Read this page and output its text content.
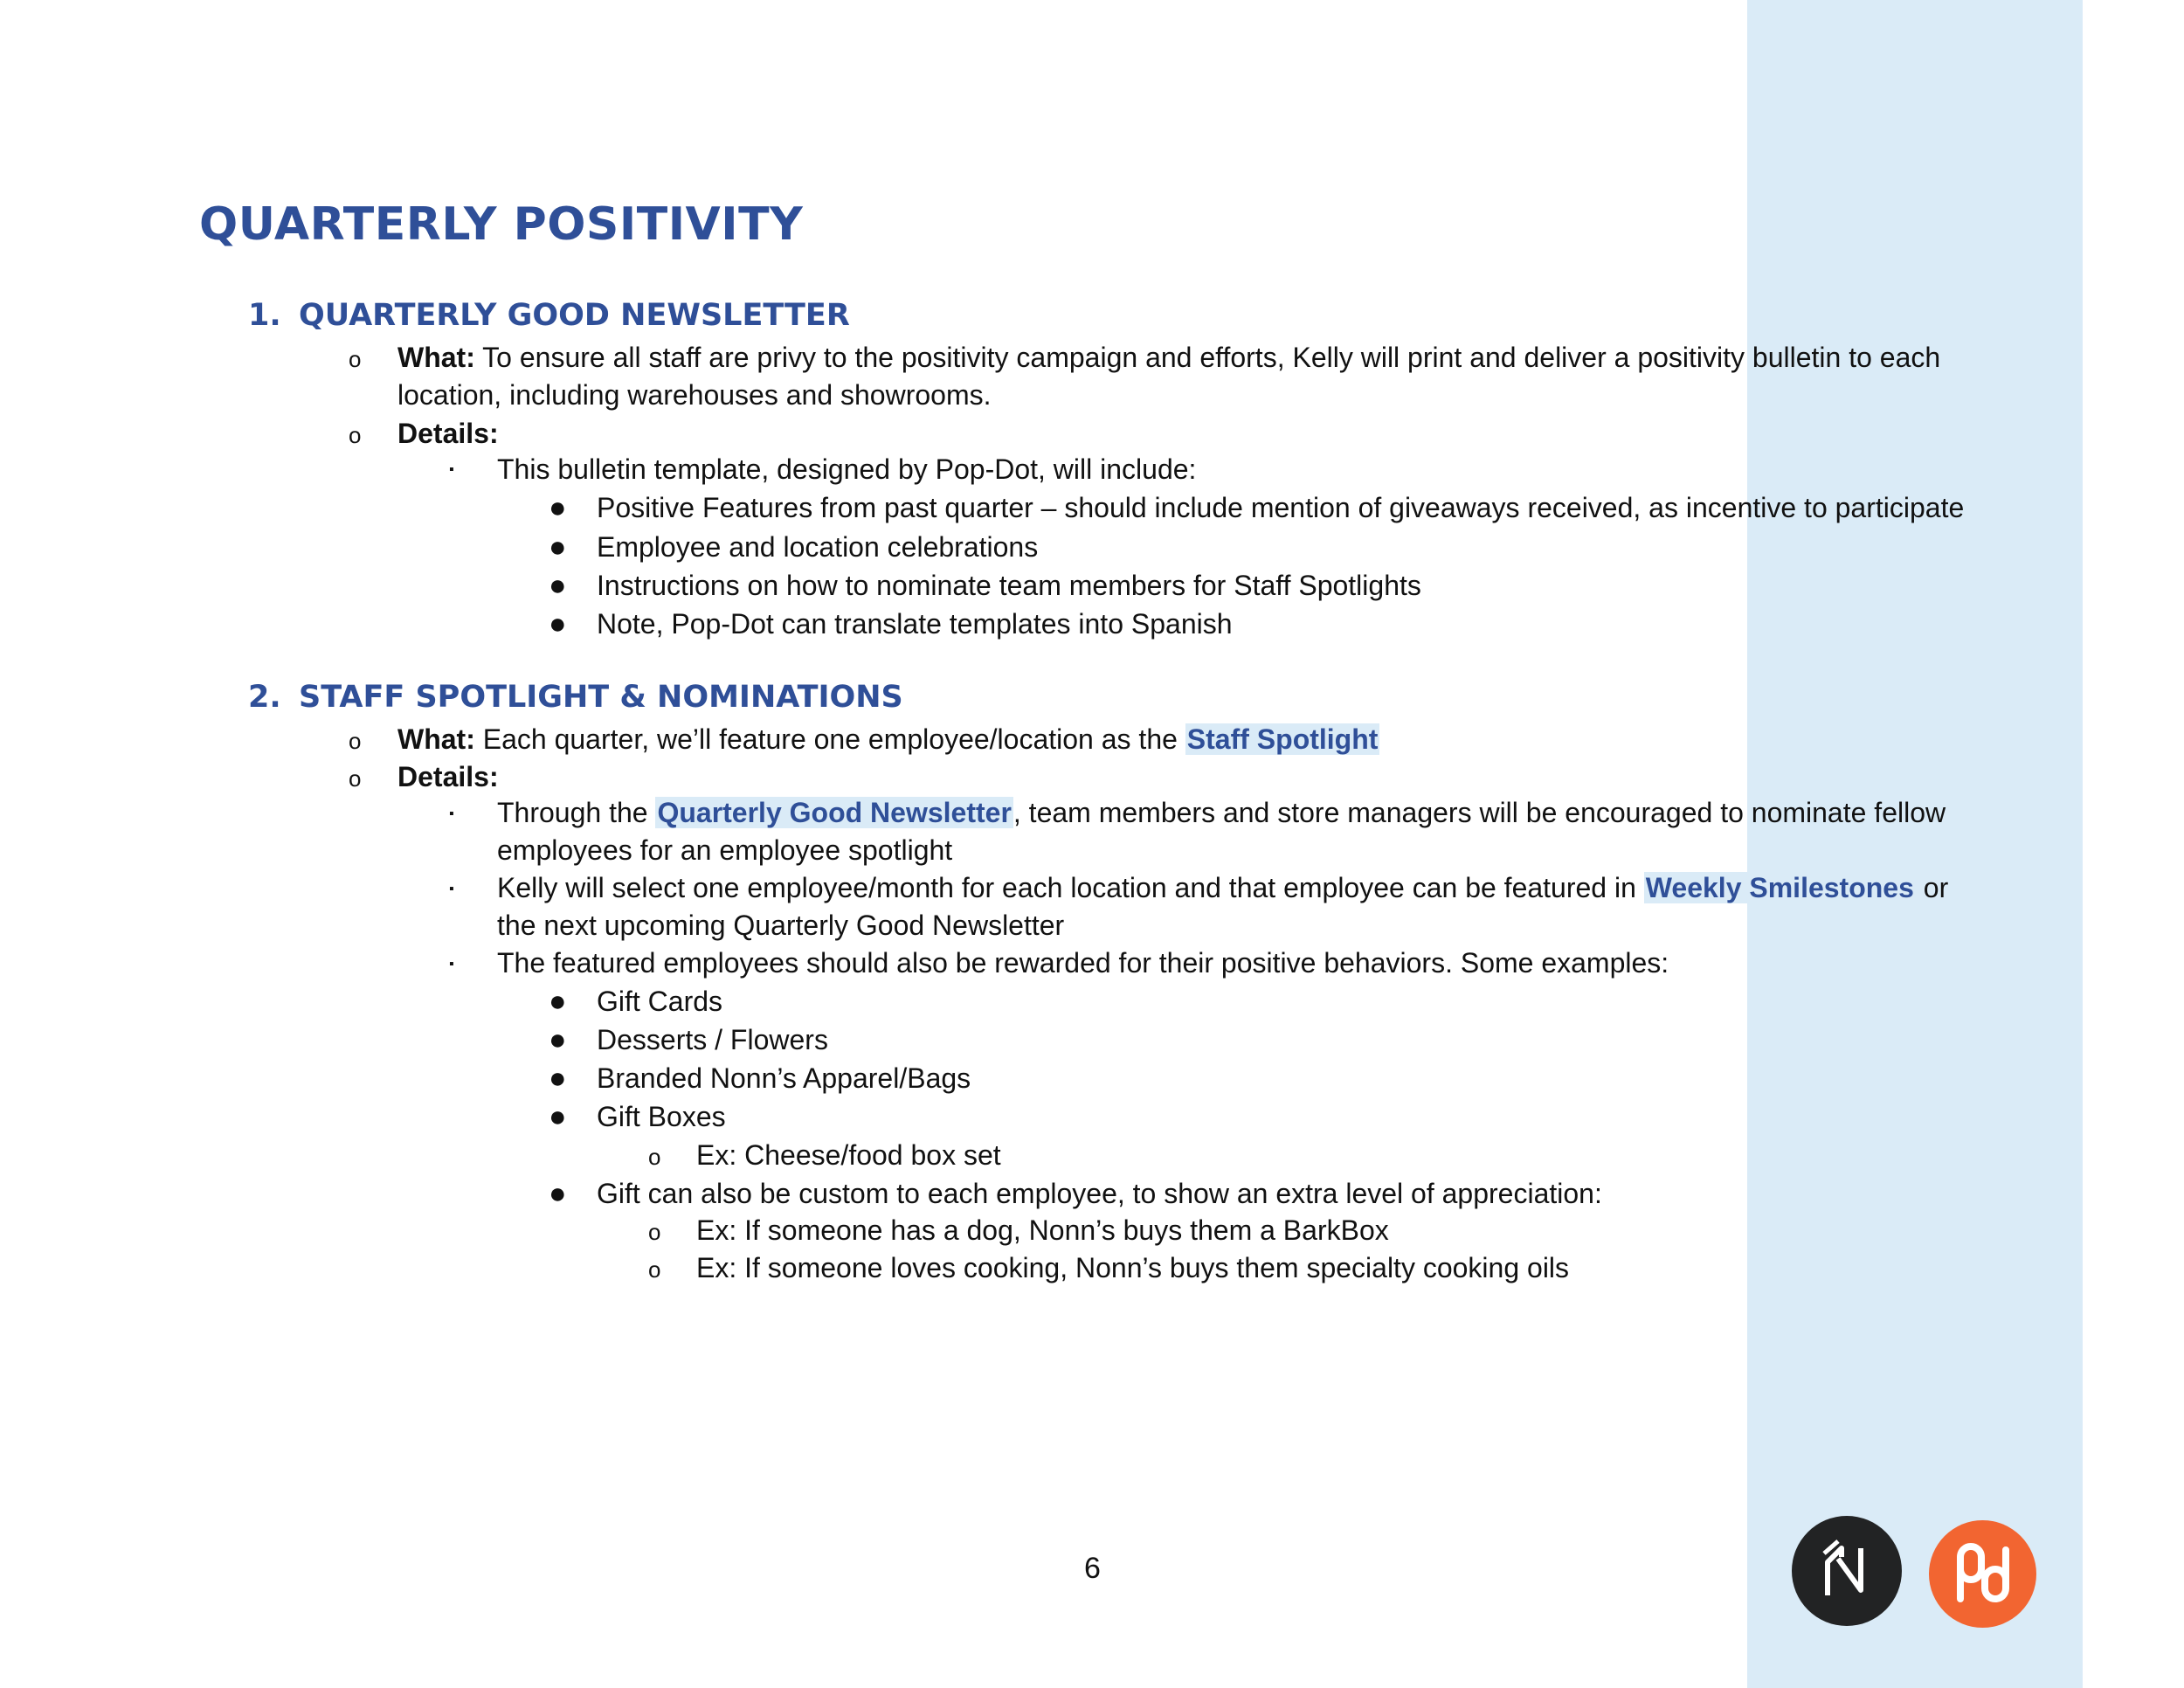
QUARTERLY POSITIVITY
1. QUARTERLY GOOD NEWSLETTER
o What: To ensure all staff are privy to the positivity campaign and efforts, Kelly will print and deliver a positivity bulletin to each
location, including warehouses and showrooms.
o Details:
▪ This bulletin template, designed by Pop-Dot, will include:
● Positive Features from past quarter – should include mention of giveaways received, as incentive to participate
● Employee and location celebrations
● Instructions on how to nominate team members for Staff Spotlights
● Note, Pop-Dot can translate templates into Spanish
2. STAFF SPOTLIGHT & NOMINATIONS
o What: Each quarter, we’ll feature one employee/location as the Staff Spotlight
o Details:
▪ Through the Quarterly Good Newsletter, team members and store managers will be encouraged to nominate fellow
employees for an employee spotlight
▪ Kelly will select one employee/month for each location and that employee can be featured in Weekly Smilestones or
the next upcoming Quarterly Good Newsletter
▪ The featured employees should also be rewarded for their positive behaviors. Some examples:
● Gift Cards
● Desserts / Flowers
● Branded Nonn’s Apparel/Bags
● Gift Boxes
o Ex: Cheese/food box set
● Gift can also be custom to each employee, to show an extra level of appreciation:
o Ex: If someone has a dog, Nonn’s buys them a BarkBox
o Ex: If someone loves cooking, Nonn’s buys them specialty cooking oils
6
